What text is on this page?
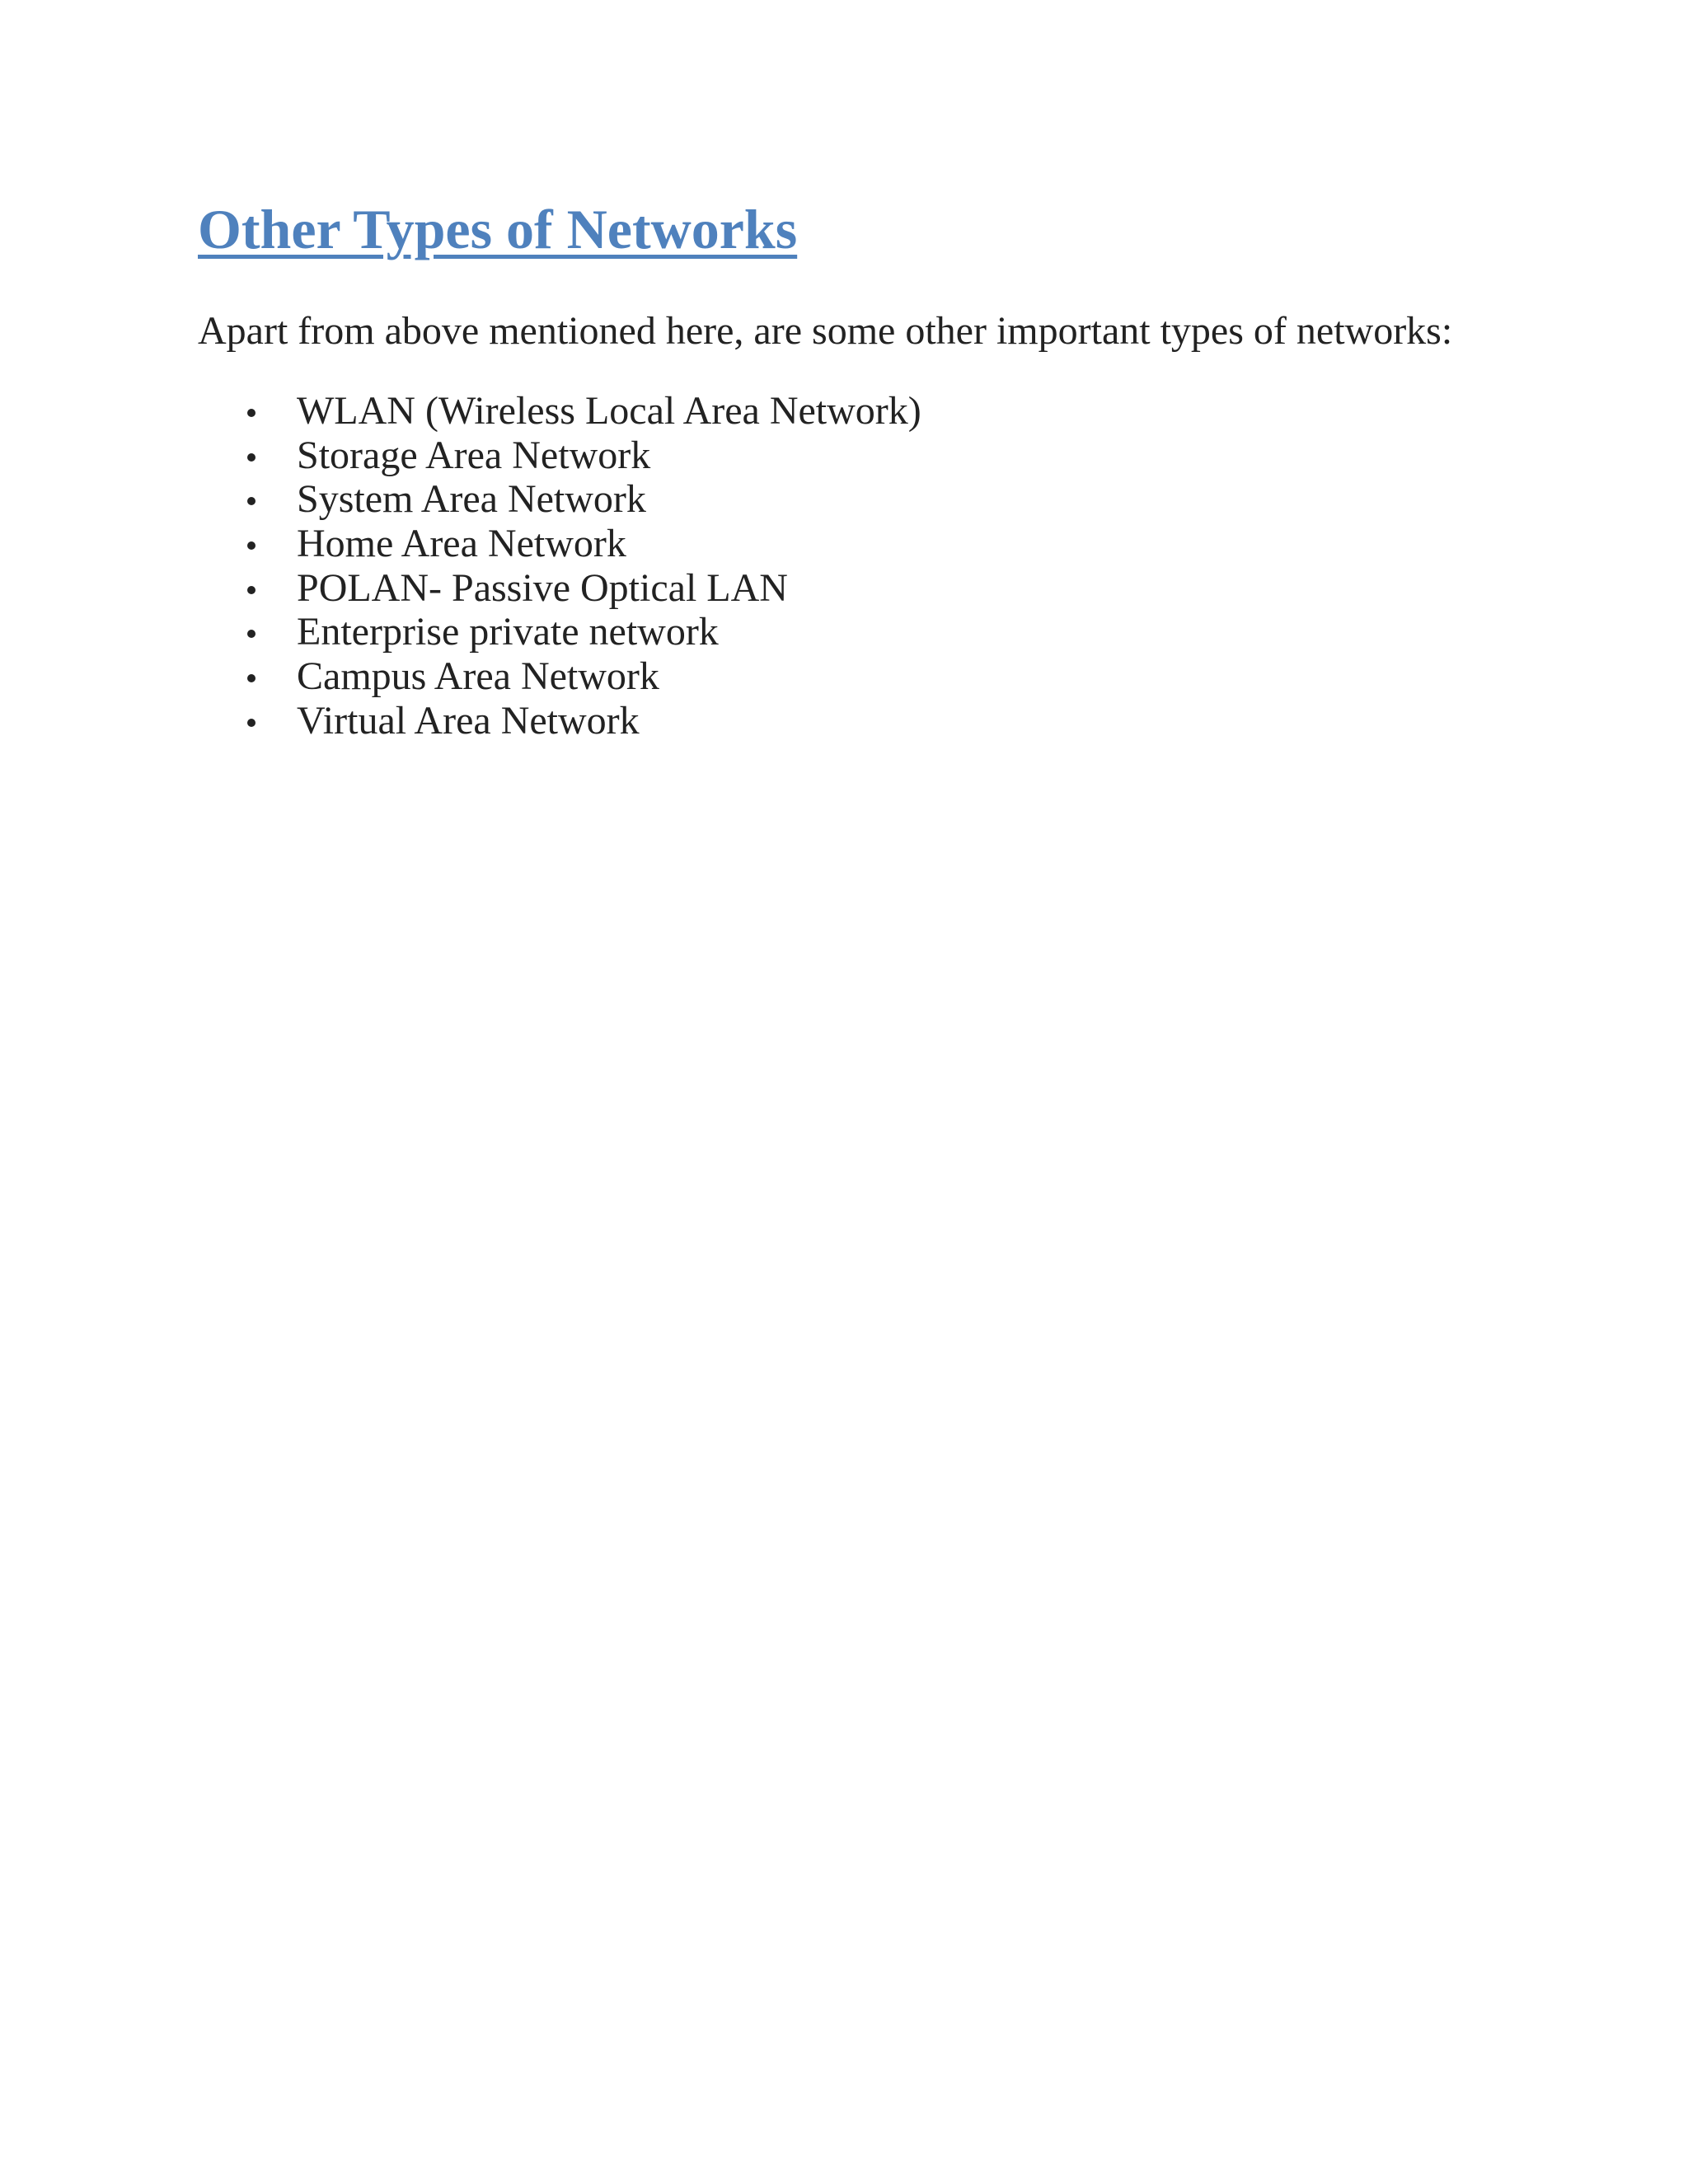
Other Types of Networks

Apart from above mentioned here, are some other important types of networks:

WLAN (Wireless Local Area Network)
Storage Area Network
System Area Network
Home Area Network
POLAN- Passive Optical LAN
Enterprise private network
Campus Area Network
Virtual Area Network
